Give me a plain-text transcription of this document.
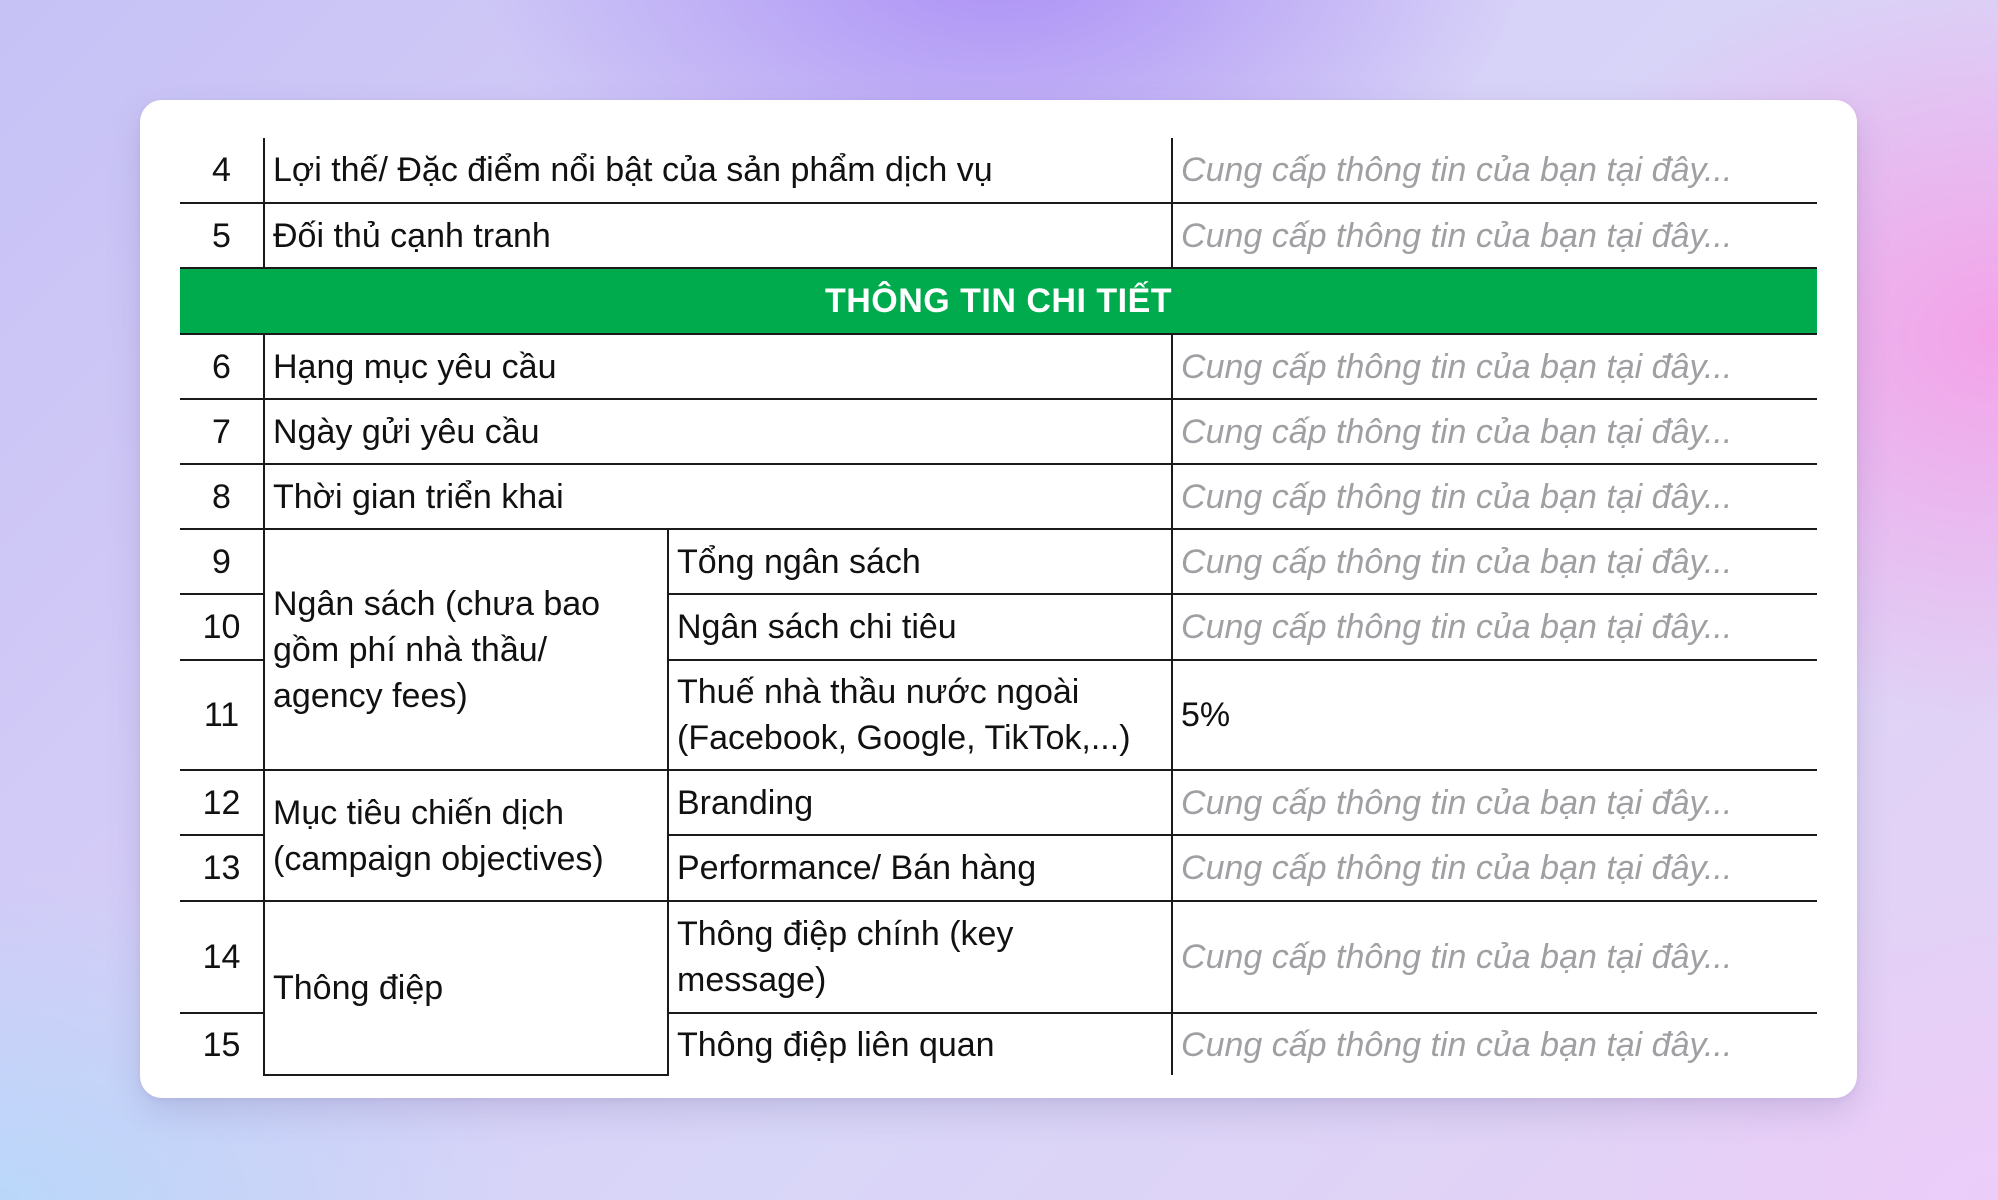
4	Lợi thế/ Đặc điểm nổi bật của sản phẩm dịch vụ		Cung cấp thông tin của bạn tại đây...
5	Đối thủ cạnh tranh		Cung cấp thông tin của bạn tại đây...
THÔNG TIN CHI TIẾT			
6	Hạng mục yêu cầu		Cung cấp thông tin của bạn tại đây...
7	Ngày gửi yêu cầu		Cung cấp thông tin của bạn tại đây...
8	Thời gian triển khai		Cung cấp thông tin của bạn tại đây...
9	Ngân sách (chưa bao gồm phí nhà thầu/ agency fees)	Tổng ngân sách	Cung cấp thông tin của bạn tại đây...
10		Ngân sách chi tiêu	Cung cấp thông tin của bạn tại đây...
11		Thuế nhà thầu nước ngoài (Facebook, Google, TikTok,...)	5%
12	Mục tiêu chiến dịch (campaign objectives)	Branding	Cung cấp thông tin của bạn tại đây...
13		Performance/ Bán hàng	Cung cấp thông tin của bạn tại đây...
14	Thông điệp	Thông điệp chính (key message)	Cung cấp thông tin của bạn tại đây...
15		Thông điệp liên quan	Cung cấp thông tin của bạn tại đây...
